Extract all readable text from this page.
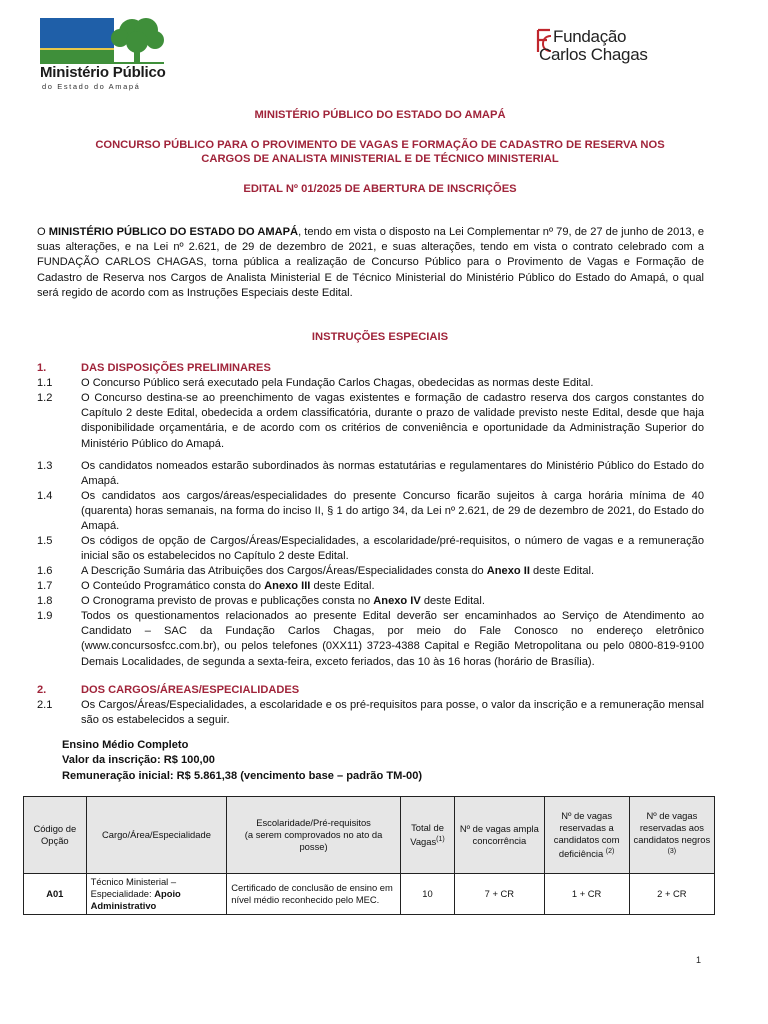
Ministério Público
do Estado do Amapá
Fundação
Carlos Chagas
MINISTÉRIO PÚBLICO DO ESTADO DO AMAPÁ
CONCURSO PÚBLICO PARA O PROVIMENTO DE VAGAS E FORMAÇÃO DE CADASTRO DE RESERVA NOS
CARGOS DE ANALISTA MINISTERIAL E DE TÉCNICO MINISTERIAL
EDITAL Nº 01/2025 DE ABERTURA DE INSCRIÇÕES
O MINISTÉRIO PÚBLICO DO ESTADO DO AMAPÁ, tendo em vista o disposto na Lei Complementar nº 79, de 27 de junho de 2013, e suas alterações, e na Lei nº 2.621, de 29 de dezembro de 2021, e suas alterações, tendo em vista o contrato celebrado com a FUNDAÇÃO CARLOS CHAGAS, torna pública a realização de Concurso Público para o Provimento de Vagas e Formação de Cadastro de Reserva nos Cargos de Analista Ministerial E de Técnico Ministerial do Ministério Público do Estado do Amapá, o qual será regido de acordo com as Instruções Especiais deste Edital.
INSTRUÇÕES ESPECIAIS
1.	DAS DISPOSIÇÕES PRELIMINARES
1.1	O Concurso Público será executado pela Fundação Carlos Chagas, obedecidas as normas deste Edital.
1.2	O Concurso destina-se ao preenchimento de vagas existentes e formação de cadastro reserva dos cargos constantes do Capítulo 2 deste Edital, obedecida a ordem classificatória, durante o prazo de validade previsto neste Edital, desde que haja disponibilidade orçamentária, e de acordo com os critérios de conveniência e oportunidade da Administração Superior do Ministério Público do Amapá.
1.3	Os candidatos nomeados estarão subordinados às normas estatutárias e regulamentares do Ministério Público do Estado do Amapá.
1.4	Os candidatos aos cargos/áreas/especialidades do presente Concurso ficarão sujeitos à carga horária mínima de 40 (quarenta) horas semanais, na forma do inciso II, § 1 do artigo 34, da Lei nº 2.621, de 29 de dezembro de 2021, do Estado do Amapá.
1.5	Os códigos de opção de Cargos/Áreas/Especialidades, a escolaridade/pré-requisitos, o número de vagas e a remuneração inicial são os estabelecidos no Capítulo 2 deste Edital.
1.6	A Descrição Sumária das Atribuições dos Cargos/Áreas/Especialidades consta do Anexo II deste Edital.
1.7	O Conteúdo Programático consta do Anexo III deste Edital.
1.8	O Cronograma previsto de provas e publicações consta no Anexo IV deste Edital.
1.9	Todos os questionamentos relacionados ao presente Edital deverão ser encaminhados ao Serviço de Atendimento ao Candidato – SAC da Fundação Carlos Chagas, por meio do Fale Conosco no endereço eletrônico (www.concursosfcc.com.br), ou pelos telefones (0XX11) 3723-4388 Capital e Região Metropolitana ou pelo 0800-819-9100 Demais Localidades, de segunda a sexta-feira, exceto feriados, das 10 às 16 horas (horário de Brasília).
2.	DOS CARGOS/ÁREAS/ESPECIALIDADES
2.1	Os Cargos/Áreas/Especialidades, a escolaridade e os pré-requisitos para posse, o valor da inscrição e a remuneração mensal são os estabelecidos a seguir.
Ensino Médio Completo
Valor da inscrição: R$ 100,00
Remuneração inicial: R$ 5.861,38 (vencimento base – padrão TM-00)
Código de Opção	Cargo/Área/Especialidade	Escolaridade/Pré-requisitos
(a serem comprovados no ato da posse)	Total de Vagas$^{(1)}$	Nº de vagas ampla concorrência	Nº de vagas reservadas a candidatos com deficiência $^{(2)}$	Nº de vagas reservadas aos candidatos negros $^{(3)}$
A01	Técnico Ministerial – Especialidade: Apoio Administrativo	Certificado de conclusão de ensino em nível médio reconhecido pelo MEC.	10	7 + CR	1 + CR	2 + CR
1
